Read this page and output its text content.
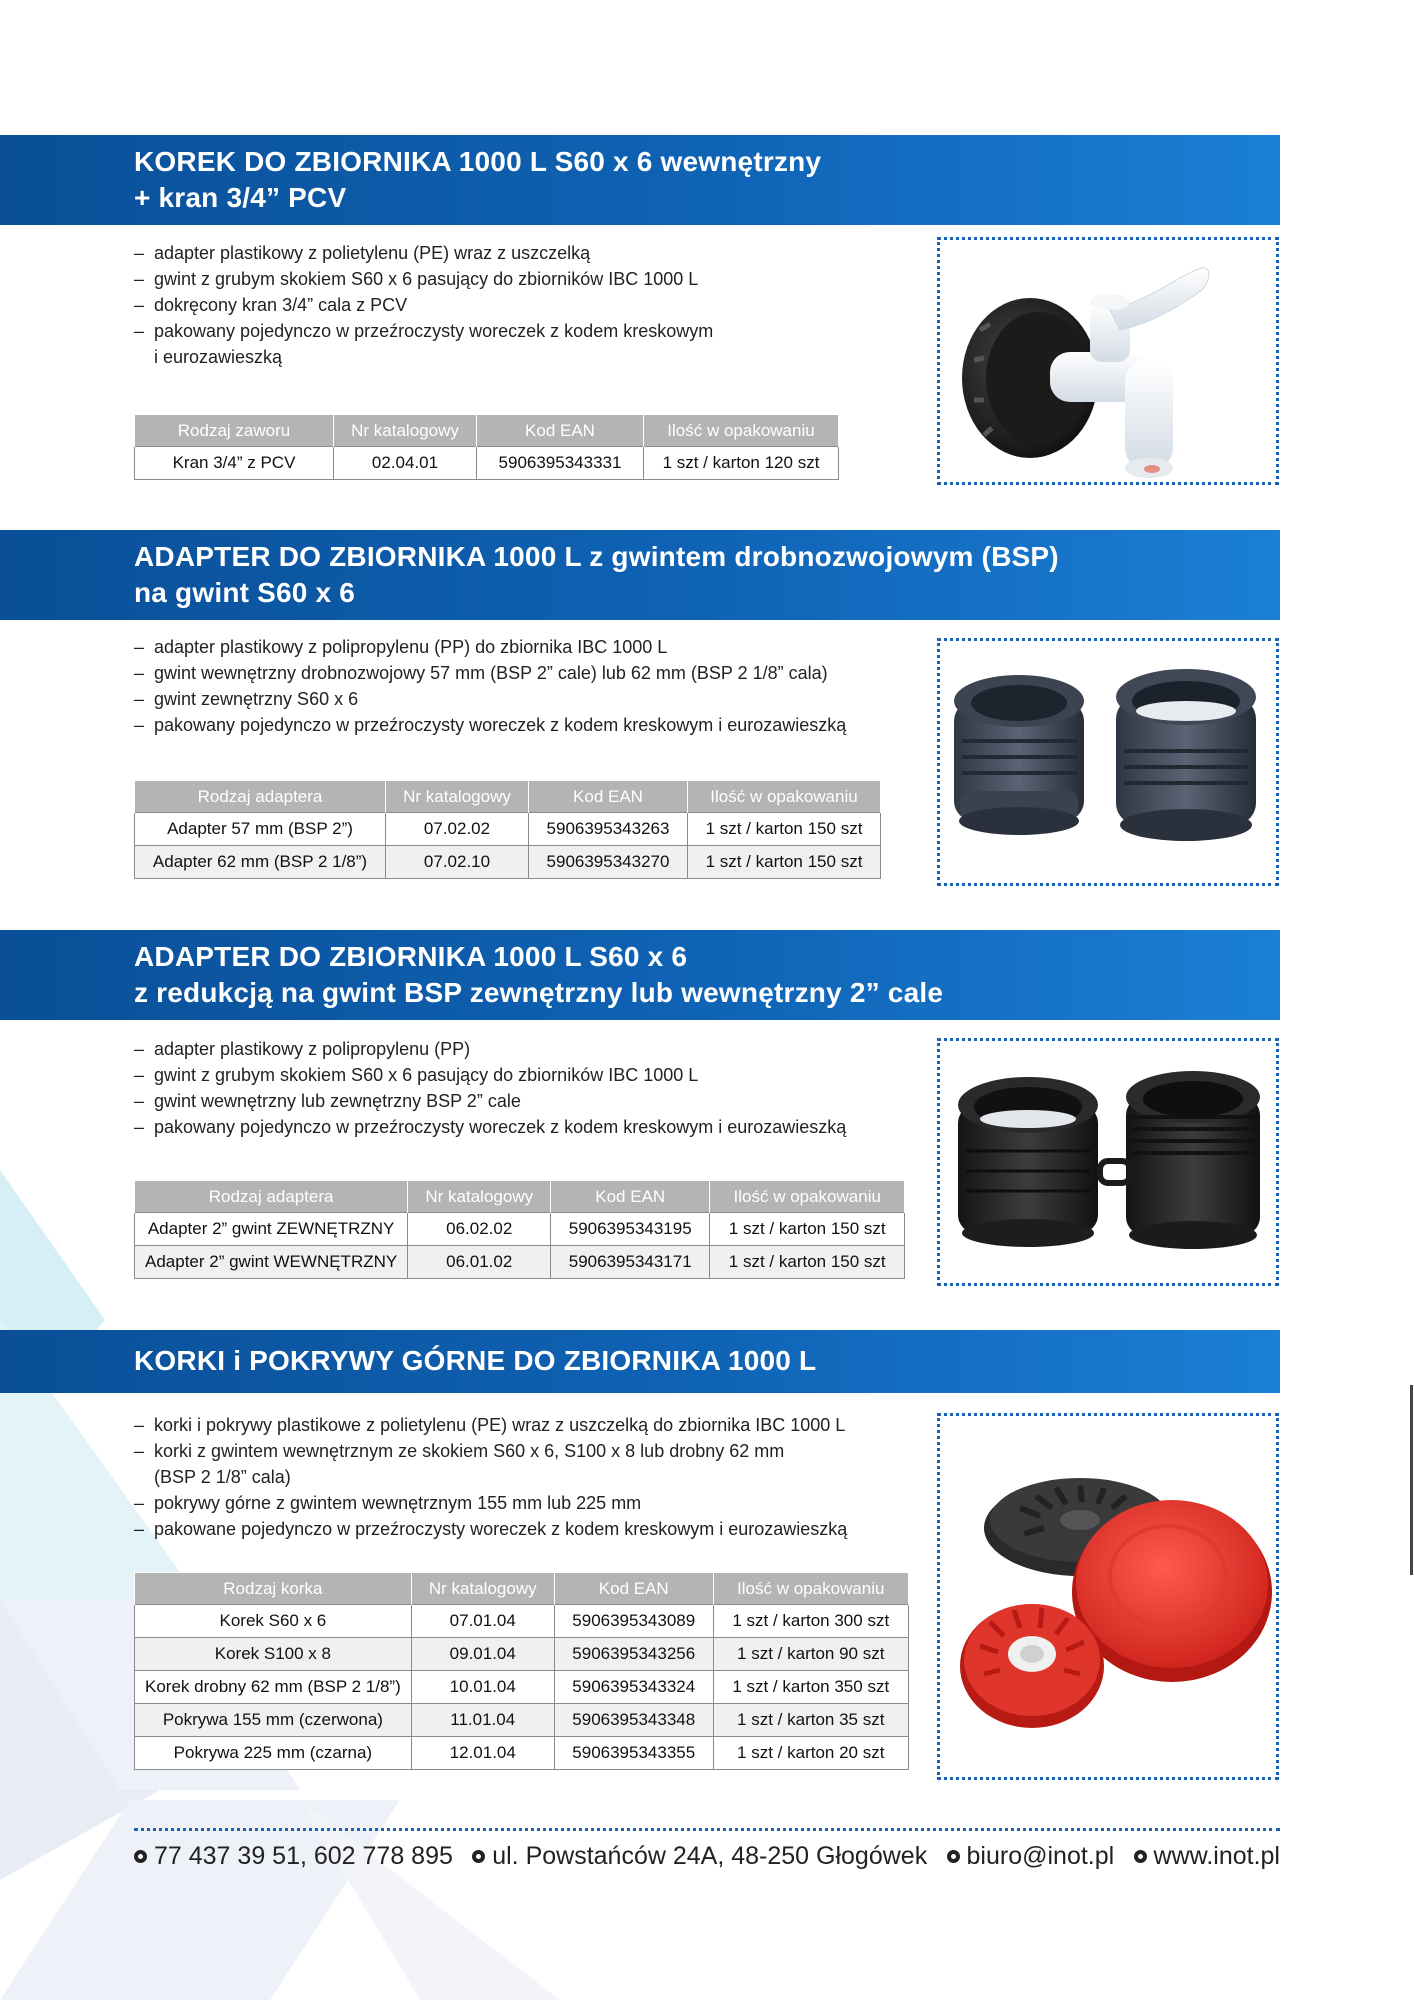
KOREK DO ZBIORNIKA 1000 L S60 x 6 wewnętrzny
+ kran 3/4” PCV
– adapter plastikowy z polietylenu (PE) wraz z uszczelką
– gwint z grubym skokiem S60 x 6 pasujący do zbiorników IBC 1000 L
– dokręcony kran 3/4” cala z PCV
– pakowany pojedynczo w przeźroczysty woreczek z kodem kreskowym
i eurozawieszką
Rodzaj zaworu	Nr katalogowy	Kod EAN	Ilość w opakowaniu
Kran 3/4” z PCV	02.04.01	5906395343331	1 szt / karton 120 szt
ADAPTER DO ZBIORNIKA 1000 L z gwintem drobnozwojowym (BSP)
na gwint S60 x 6
– adapter plastikowy z polipropylenu (PP) do zbiornika IBC 1000 L
– gwint wewnętrzny drobnozwojowy 57 mm (BSP 2” cale) lub 62 mm (BSP 2 1/8” cala)
– gwint zewnętrzny S60 x 6
– pakowany pojedynczo w przeźroczysty woreczek z kodem kreskowym i eurozawieszką
Rodzaj adaptera	Nr katalogowy	Kod EAN	Ilość w opakowaniu
Adapter 57 mm (BSP 2”)	07.02.02	5906395343263	1 szt / karton 150 szt
Adapter 62 mm (BSP 2 1/8”)	07.02.10	5906395343270	1 szt / karton 150 szt
ADAPTER DO ZBIORNIKA 1000 L S60 x 6
z redukcją na gwint BSP zewnętrzny lub wewnętrzny 2” cale
– adapter plastikowy z polipropylenu (PP)
– gwint z grubym skokiem S60 x 6 pasujący do zbiorników IBC 1000 L
– gwint wewnętrzny lub zewnętrzny BSP 2” cale
– pakowany pojedynczo w przeźroczysty woreczek z kodem kreskowym i eurozawieszką
Rodzaj adaptera	Nr katalogowy	Kod EAN	Ilość w opakowaniu
Adapter 2” gwint ZEWNĘTRZNY	06.02.02	5906395343195	1 szt / karton 150 szt
Adapter 2” gwint WEWNĘTRZNY	06.01.02	5906395343171	1 szt / karton 150 szt
KORKI i POKRYWY GÓRNE DO ZBIORNIKA 1000 L
– korki i pokrywy plastikowe z polietylenu (PE) wraz z uszczelką do zbiornika IBC 1000 L
– korki z gwintem wewnętrznym ze skokiem S60 x 6, S100 x 8 lub drobny 62 mm
(BSP 2 1/8” cala)
– pokrywy górne z gwintem wewnętrznym 155 mm lub 225 mm
– pakowane pojedynczo w przeźroczysty woreczek z kodem kreskowym i eurozawieszką
Rodzaj korka	Nr katalogowy	Kod EAN	Ilość w opakowaniu
Korek S60 x 6	07.01.04	5906395343089	1 szt / karton 300 szt
Korek S100 x 8	09.01.04	5906395343256	1 szt / karton 90 szt
Korek drobny 62 mm (BSP 2 1/8”)	10.01.04	5906395343324	1 szt / karton 350 szt
Pokrywa 155 mm (czerwona)	11.01.04	5906395343348	1 szt / karton 35 szt
Pokrywa 225 mm (czarna)	12.01.04	5906395343355	1 szt / karton 20 szt
77 437 39 51, 602 778 895 ul. Powstańców 24A, 48-250 Głogówek biuro@inot.pl www.inot.pl
